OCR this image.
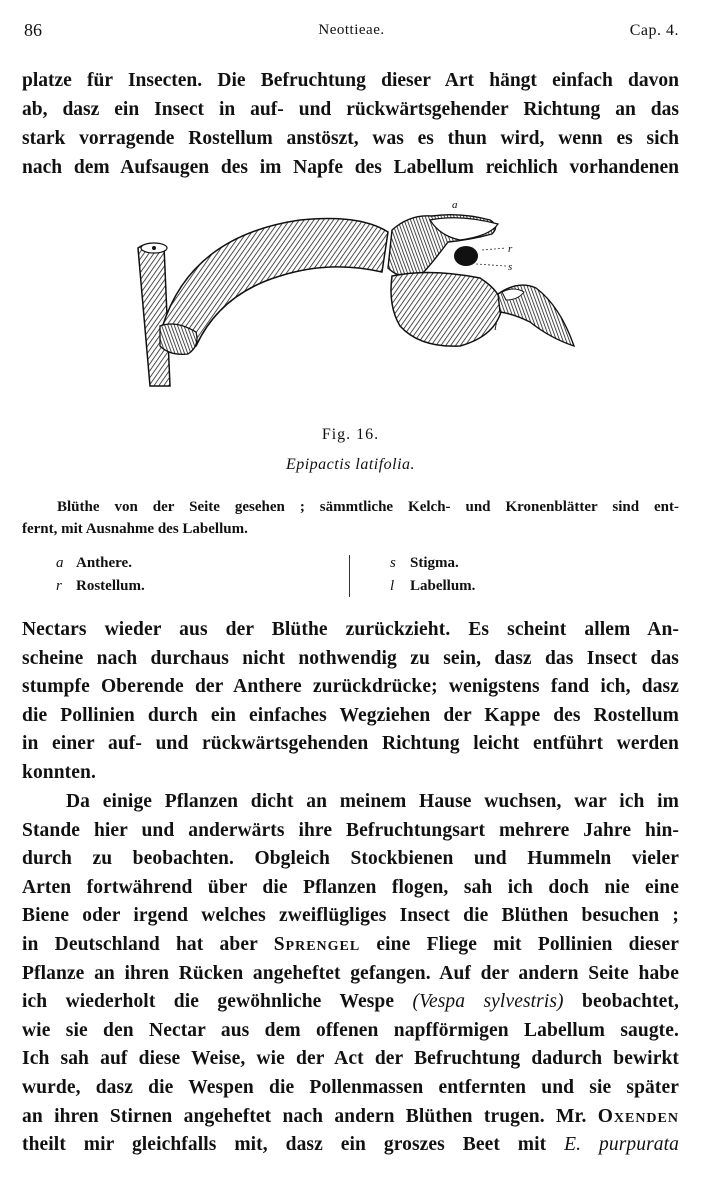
86	Neottieae.	Cap. 4.
platze für Insecten. Die Befruchtung dieser Art hängt einfach davon
ab, dasz ein Insect in auf- und rückwärtsgehender Richtung an das
stark vorragende Rostellum anstöszt, was es thun wird, wenn es sich
nach dem Aufsaugen des im Napfe des Labellum reichlich vorhandenen
a
r
s
l
Fig. 16.
Epipactis latifolia.
Blüthe von der Seite gesehen ; sämmtliche Kelch- und Kronenblätter sind ent-
fernt, mit Ausnahme des Labellum.
a Anthere.
r Rostellum.
s Stigma.
l Labellum.
Nectars wieder aus der Blüthe zurückzieht. Es scheint allem An-
scheine nach durchaus nicht nothwendig zu sein, dasz das Insect das
stumpfe Oberende der Anthere zurückdrücke; wenigstens fand ich, dasz
die Pollinien durch ein einfaches Wegziehen der Kappe des Rostellum
in einer auf- und rückwärtsgehenden Richtung leicht entführt werden
konnten.
Da einige Pflanzen dicht an meinem Hause wuchsen, war ich im
Stande hier und anderwärts ihre Befruchtungsart mehrere Jahre hin-
durch zu beobachten. Obgleich Stockbienen und Hummeln vieler
Arten fortwährend über die Pflanzen flogen, sah ich doch nie eine
Biene oder irgend welches zweiflügliges Insect die Blüthen besuchen ;
in Deutschland hat aber Sprengel eine Fliege mit Pollinien dieser
Pflanze an ihren Rücken angeheftet gefangen. Auf der andern Seite habe
ich wiederholt die gewöhnliche Wespe (Vespa sylvestris) beobachtet,
wie sie den Nectar aus dem offenen napfförmigen Labellum saugte.
Ich sah auf diese Weise, wie der Act der Befruchtung dadurch bewirkt
wurde, dasz die Wespen die Pollenmassen entfernten und sie später
an ihren Stirnen angeheftet nach andern Blüthen trugen. Mr. Oxenden
theilt mir gleichfalls mit, dasz ein groszes Beet mit E. purpurata
